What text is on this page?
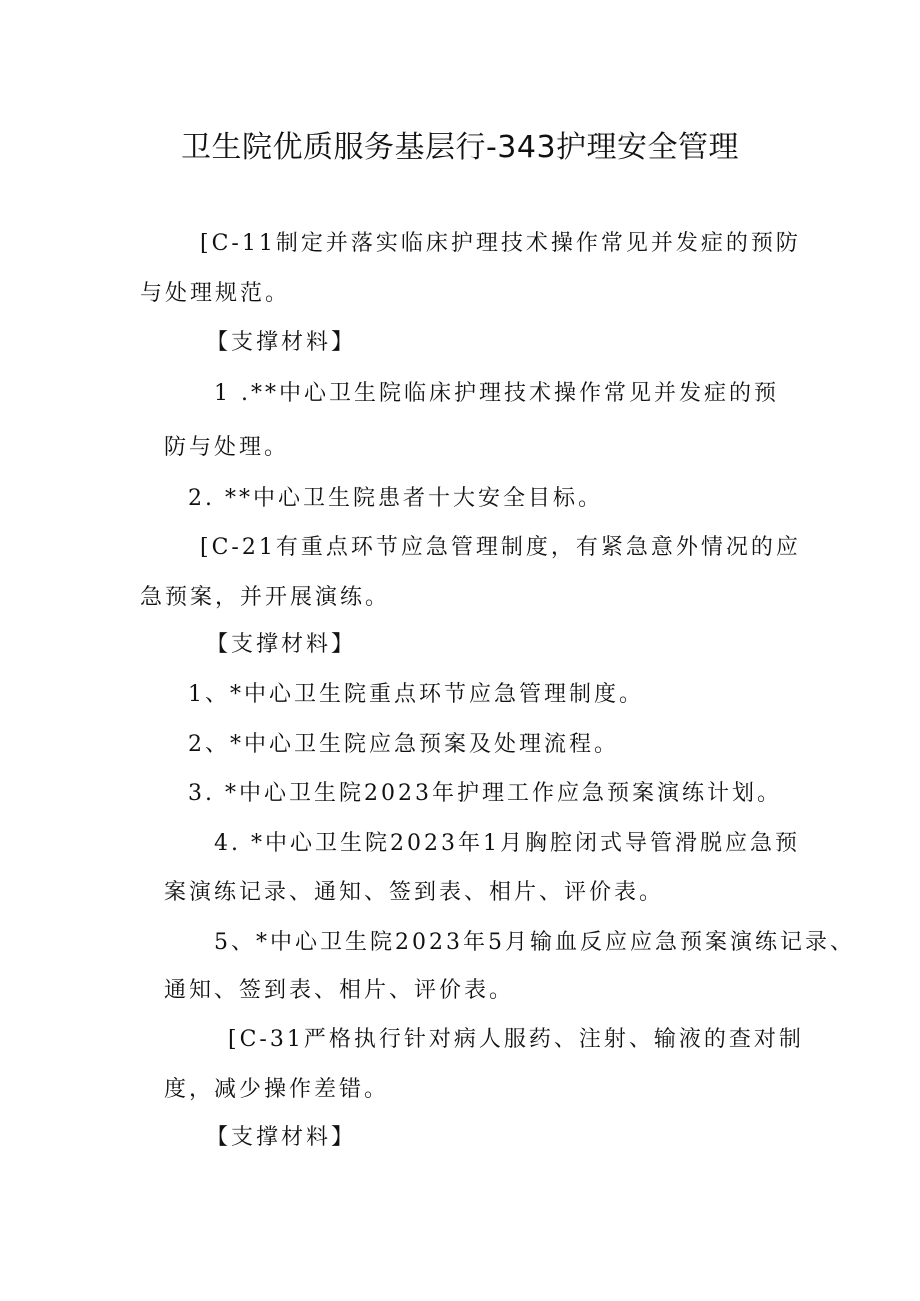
卫生院优质服务基层行-343护理安全管理
[C-11制定并落实临床护理技术操作常见并发症的预防
与处理规范。
【支撑材料】
1 .**中心卫生院临床护理技术操作常见并发症的预
防与处理。
2. **中心卫生院患者十大安全目标。
[C-21有重点环节应急管理制度，有紧急意外情况的应
急预案，并开展演练。
【支撑材料】
1、*中心卫生院重点环节应急管理制度。
2、*中心卫生院应急预案及处理流程。
3. *中心卫生院2023年护理工作应急预案演练计划。
4. *中心卫生院2023年1月胸腔闭式导管滑脱应急预
案演练记录、通知、签到表、相片、评价表。
5、*中心卫生院2023年5月输血反应应急预案演练记录、
通知、签到表、相片、评价表。
[C-31严格执行针对病人服药、注射、输液的查对制
度，减少操作差错。
【支撑材料】
